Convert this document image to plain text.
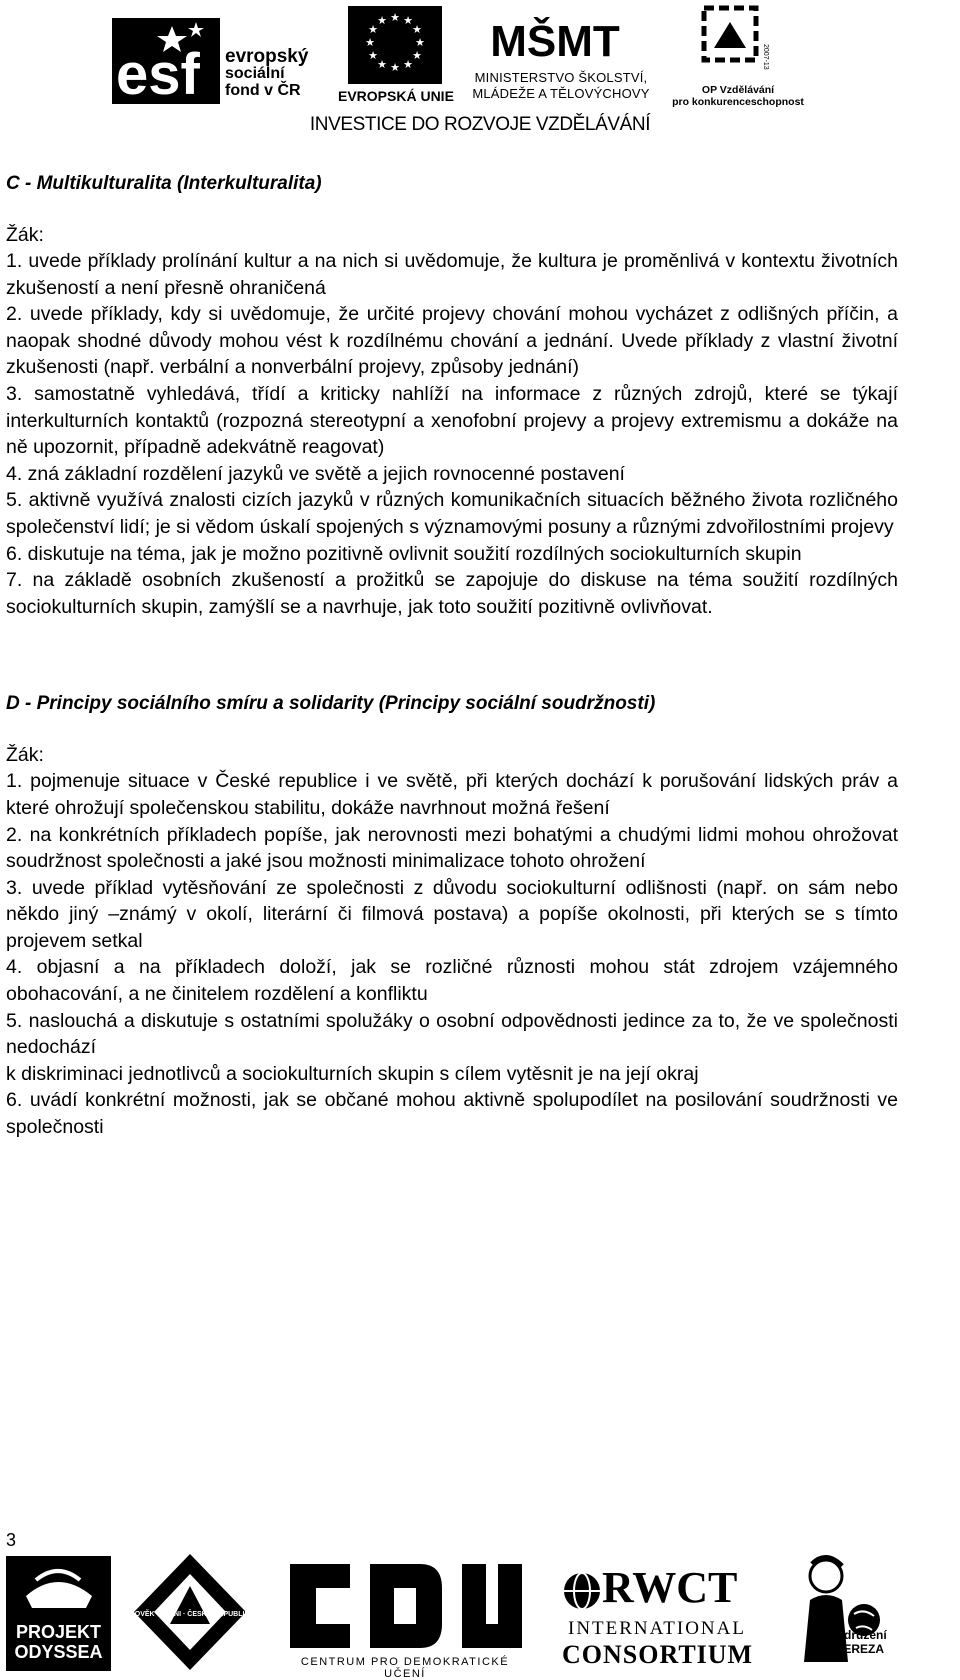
esf evropský
sociální
fond v ČR
★ ★
★
★
★
★
★
★
★
★
★
★
EVROPSKÁ UNIE
MŠMT
MINISTERSTVO ŠKOLSTVÍ,
MLÁDEŽE A TĚLOVÝCHOVY
2007-13
OP Vzdělávání
pro konkurenceschopnost
INVESTICE DO ROZVOJE VZDĚLÁVÁNÍ
C - Multikulturalita (Interkulturalita)

Žák:

1. uvede příklady prolínání kultur a na nich si uvědomuje, že kultura je proměnlivá v kontextu životních zkušeností a není přesně ohraničená

2. uvede příklady, kdy si uvědomuje, že určité projevy chování mohou vycházet z odlišných příčin, a naopak shodné důvody mohou vést k rozdílnému chování a jednání. Uvede příklady z vlastní životní zkušenosti (např. verbální a nonverbální projevy, způsoby jednání)

3. samostatně vyhledává, třídí a kriticky nahlíží na informace z různých zdrojů, které se týkají interkulturních kontaktů (rozpozná stereotypní a xenofobní projevy a projevy extremismu a dokáže na ně upozornit, případně adekvátně reagovat)

4. zná základní rozdělení jazyků ve světě a jejich rovnocenné postavení

5. aktivně využívá znalosti cizích jazyků v různých komunikačních situacích běžného života rozličného společenství lidí; je si vědom úskalí spojených s významovými posuny a různými zdvořilostními projevy

6. diskutuje na téma, jak je možno pozitivně ovlivnit soužití rozdílných sociokulturních skupin

7. na základě osobních zkušeností a prožitků se zapojuje do diskuse na téma soužití rozdílných sociokulturních skupin, zamýšlí se a navrhuje, jak toto soužití pozitivně ovlivňovat.

D - Principy sociálního smíru a solidarity (Principy sociální soudržnosti)

Žák:

1. pojmenuje situace v České republice i ve světě, při kterých dochází k porušování lidských práv a které ohrožují společenskou stabilitu, dokáže navrhnout možná řešení

2. na konkrétních příkladech popíše, jak nerovnosti mezi bohatými a chudými lidmi mohou ohrožovat soudržnost společnosti a jaké jsou možnosti minimalizace tohoto ohrožení

3. uvede příklad vytěsňování ze společnosti z důvodu sociokulturní odlišnosti (např. on sám nebo někdo jiný –známý v okolí, literární či filmová postava) a popíše okolnosti, při kterých se s tímto projevem setkal

4. objasní a na příkladech doloží, jak se rozličné různosti mohou stát zdrojem vzájemného obohacování, a ne činitelem rozdělení a konfliktu

5. naslouchá a diskutuje s ostatními spolužáky o osobní odpovědnosti jedince za to, že ve společnosti nedochází

k diskriminaci jednotlivců a sociokulturních skupin s cílem vytěsnit je na její okraj

6. uvádí konkrétní možnosti, jak se občané mohou aktivně spolupodílet na posilování soudržnosti ve společnosti

3
PROJEKT
ODYSSEA
ČLOVĚK V TÍSNI · ČESKÁ REPUBLIKA
CENTRUM PRO DEMOKRATICKÉ UČENÍ
RWCT
INTERNATIONAL
CONSORTIUM
Sdružení
TEREZA
